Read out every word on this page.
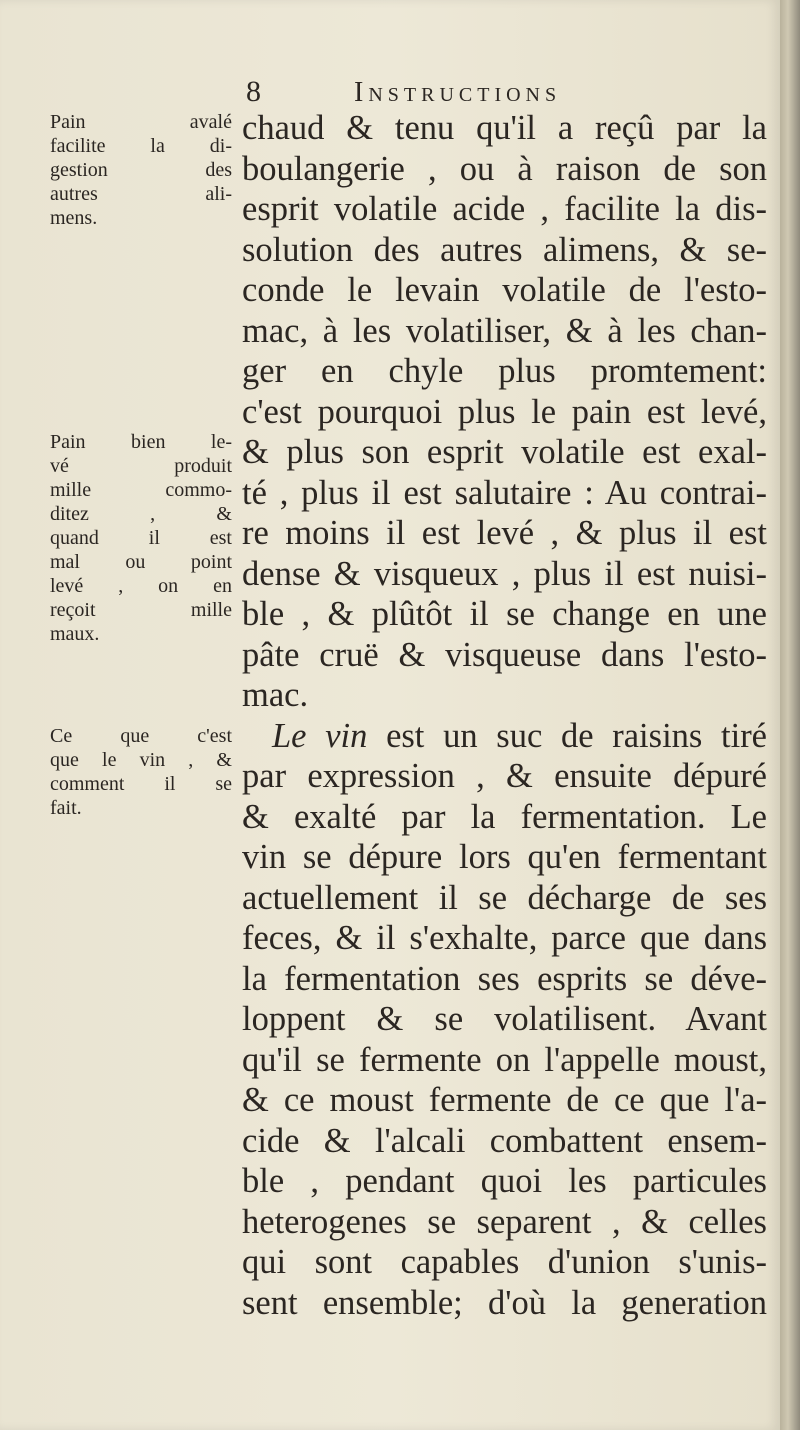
8	Instructions
Pain avalé
facilite la di-
gestion des
autres ali-
mens.
Pain bien le-
vé produit
mille commo-
ditez , &
quand il est
mal ou point
levé , on en
reçoit mille
maux.
Ce que c'est
que le vin , &
comment il se
fait.
chaud & tenu qu'il a reçû par la
boulangerie , ou à raison de son
esprit volatile acide , facilite la dis-
solution des autres alimens, & se-
conde le levain volatile de l'esto-
mac, à les volatiliser, & à les chan-
ger en chyle plus promtement:
c'est pourquoi plus le pain est levé,
& plus son esprit volatile est exal-
té , plus il est salutaire : Au contrai-
re moins il est levé , & plus il est
dense & visqueux , plus il est nuisi-
ble , & plûtôt il se change en une
pâte cruë & visqueuse dans l'esto-
mac.
Le vin est un suc de raisins tiré
par expression , & ensuite dépuré
& exalté par la fermentation. Le
vin se dépure lors qu'en fermentant
actuellement il se décharge de ses
feces, & il s'exhalte, parce que dans
la fermentation ses esprits se déve-
loppent & se volatilisent. Avant
qu'il se fermente on l'appelle moust,
& ce moust fermente de ce que l'a-
cide & l'alcali combattent ensem-
ble , pendant quoi les particules
heterogenes se separent , & celles
qui sont capables d'union s'unis-
sent ensemble; d'où la generation
